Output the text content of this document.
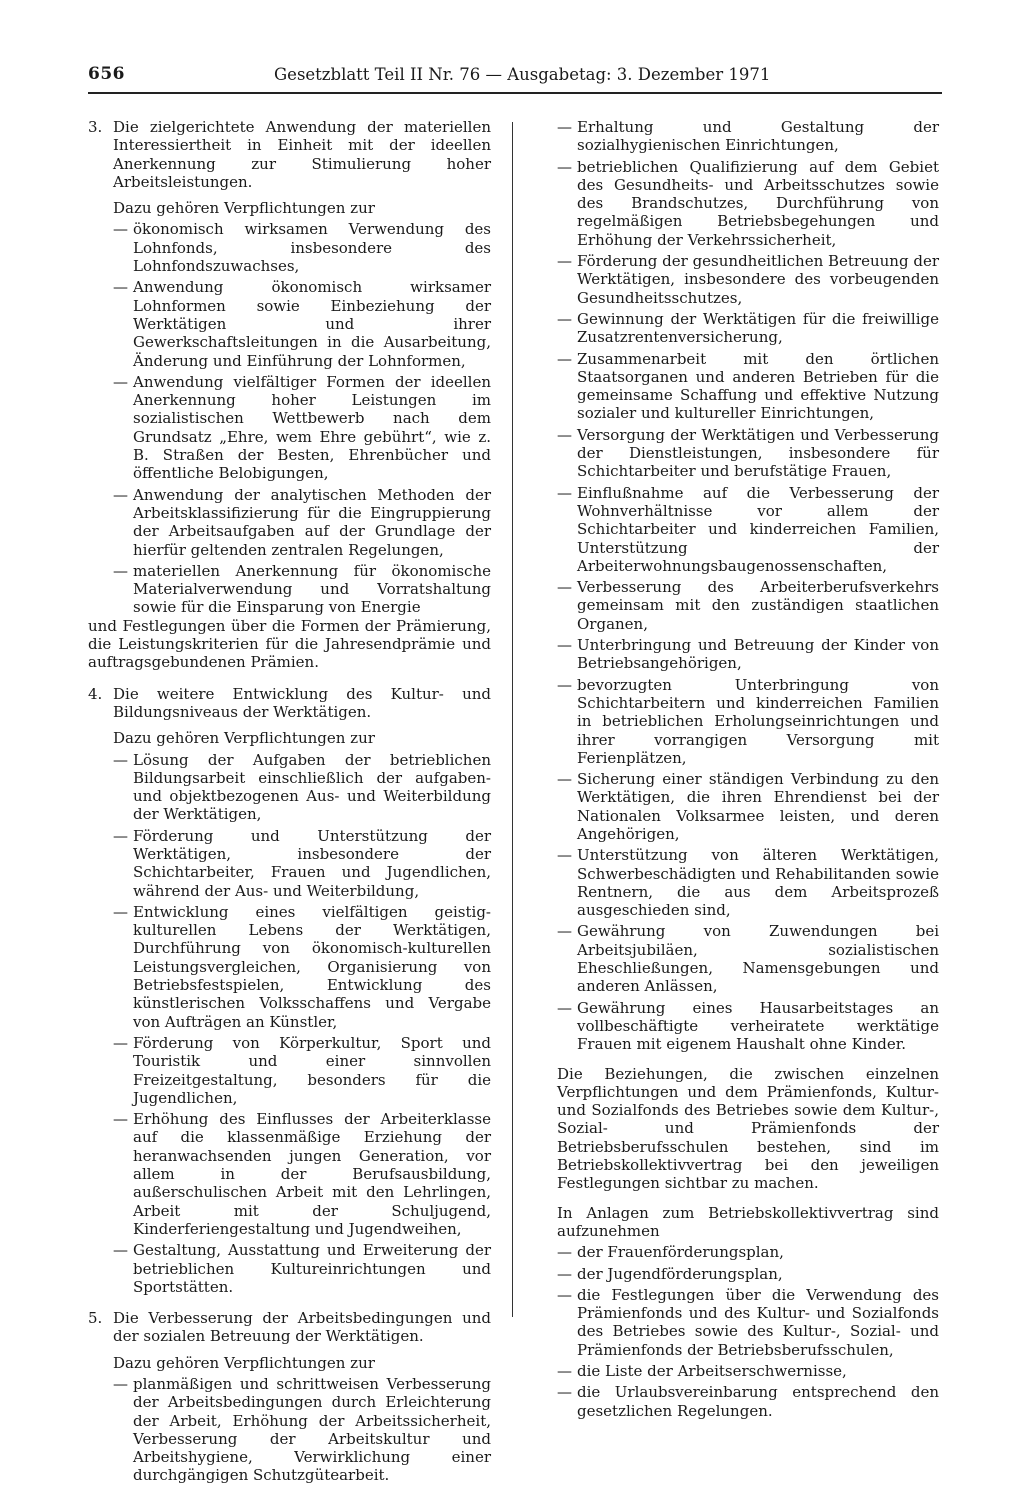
656	Gesetzblatt Teil II Nr. 76 — Ausgabetag: 3. Dezember 1971
3. Die zielgerichtete Anwendung der materiellen Interessiertheit in Einheit mit der ideellen Anerkennung zur Stimulierung hoher Arbeitsleistungen.

Dazu gehören Verpflichtungen zur

— ökonomisch wirksamen Verwendung des Lohnfonds, insbesondere des Lohnfondszuwachses,
— Anwendung ökonomisch wirksamer Lohnformen sowie Einbeziehung der Werktätigen und ihrer Gewerkschaftsleitungen in die Ausarbeitung, Änderung und Einführung der Lohnformen,
— Anwendung vielfältiger Formen der ideellen Anerkennung hoher Leistungen im sozialistischen Wettbewerb nach dem Grundsatz „Ehre, wem Ehre gebührt“, wie z. B. Straßen der Besten, Ehrenbücher und öffentliche Belobigungen,
— Anwendung der analytischen Methoden der Arbeitsklassifizierung für die Eingruppierung der Arbeitsaufgaben auf der Grundlage der hierfür geltenden zentralen Regelungen,
— materiellen Anerkennung für ökonomische Materialverwendung und Vorratshaltung sowie für die Einsparung von Energie

und Festlegungen über die Formen der Prämierung, die Leistungskriterien für die Jahresendprämie und auftragsgebundenen Prämien.

4. Die weitere Entwicklung des Kultur- und Bildungsniveaus der Werktätigen.

Dazu gehören Verpflichtungen zur

— Lösung der Aufgaben der betrieblichen Bildungsarbeit einschließlich der aufgaben- und objektbezogenen Aus- und Weiterbildung der Werktätigen,
— Förderung und Unterstützung der Werktätigen, insbesondere der Schichtarbeiter, Frauen und Jugendlichen, während der Aus- und Weiterbildung,
— Entwicklung eines vielfältigen geistig-kulturellen Lebens der Werktätigen, Durchführung von ökonomisch-kulturellen Leistungsvergleichen, Organisierung von Betriebsfestspielen, Entwicklung des künstlerischen Volksschaffens und Vergabe von Aufträgen an Künstler,
— Förderung von Körperkultur, Sport und Touristik und einer sinnvollen Freizeitgestaltung, besonders für die Jugendlichen,
— Erhöhung des Einflusses der Arbeiterklasse auf die klassenmäßige Erziehung der heranwachsenden jungen Generation, vor allem in der Berufsausbildung, außerschulischen Arbeit mit den Lehrlingen, Arbeit mit der Schuljugend, Kinderferiengestaltung und Jugendweihen,
— Gestaltung, Ausstattung und Erweiterung der betrieblichen Kultureinrichtungen und Sportstätten.
5. Die Verbesserung der Arbeitsbedingungen und der sozialen Betreuung der Werktätigen.

Dazu gehören Verpflichtungen zur

— planmäßigen und schrittweisen Verbesserung der Arbeitsbedingungen durch Erleichterung der Arbeit, Erhöhung der Arbeitssicherheit, Verbesserung der Arbeitskultur und Arbeitshygiene, Verwirklichung einer durchgängigen Schutzgütearbeit.
— Erhaltung und Gestaltung der sozialhygienischen Einrichtungen,
— betrieblichen Qualifizierung auf dem Gebiet des Gesundheits- und Arbeitsschutzes sowie des Brandschutzes, Durchführung von regelmäßigen Betriebsbegehungen und Erhöhung der Verkehrssicherheit,
— Förderung der gesundheitlichen Betreuung der Werktätigen, insbesondere des vorbeugenden Gesundheitsschutzes,
— Gewinnung der Werktätigen für die freiwillige Zusatzrentenversicherung,
— Zusammenarbeit mit den örtlichen Staatsorganen und anderen Betrieben für die gemeinsame Schaffung und effektive Nutzung sozialer und kultureller Einrichtungen,
— Versorgung der Werktätigen und Verbesserung der Dienstleistungen, insbesondere für Schichtarbeiter und berufstätige Frauen,
— Einflußnahme auf die Verbesserung der Wohnverhältnisse vor allem der Schichtarbeiter und kinderreichen Familien, Unterstützung der Arbeiterwohnungsbaugenossenschaften,
— Verbesserung des Arbeiterberufsverkehrs gemeinsam mit den zuständigen staatlichen Organen,
— Unterbringung und Betreuung der Kinder von Betriebsangehörigen,
— bevorzugten Unterbringung von Schichtarbeitern und kinderreichen Familien in betrieblichen Erholungseinrichtungen und ihrer vorrangigen Versorgung mit Ferienplätzen,
— Sicherung einer ständigen Verbindung zu den Werktätigen, die ihren Ehrendienst bei der Nationalen Volksarmee leisten, und deren Angehörigen,
— Unterstützung von älteren Werktätigen, Schwerbeschädigten und Rehabilitanden sowie Rentnern, die aus dem Arbeitsprozeß ausgeschieden sind,
— Gewährung von Zuwendungen bei Arbeitsjubiläen, sozialistischen Eheschließungen, Namensgebungen und anderen Anlässen,
— Gewährung eines Hausarbeitstages an vollbeschäftigte verheiratete werktätige Frauen mit eigenem Haushalt ohne Kinder.

Die Beziehungen, die zwischen einzelnen Verpflichtungen und dem Prämienfonds, Kultur- und Sozialfonds des Betriebes sowie dem Kultur-, Sozial- und Prämienfonds der Betriebsberufsschulen bestehen, sind im Betriebskollektivvertrag bei den jeweiligen Festlegungen sichtbar zu machen.

In Anlagen zum Betriebskollektivvertrag sind aufzunehmen

— der Frauenförderungsplan,
— der Jugendförderungsplan,
— die Festlegungen über die Verwendung des Prämienfonds und des Kultur- und Sozialfonds des Betriebes sowie des Kultur-, Sozial- und Prämienfonds der Betriebsberufsschulen,
— die Liste der Arbeitserschwernisse,
— die Urlaubsvereinbarung entsprechend den gesetzlichen Regelungen.
